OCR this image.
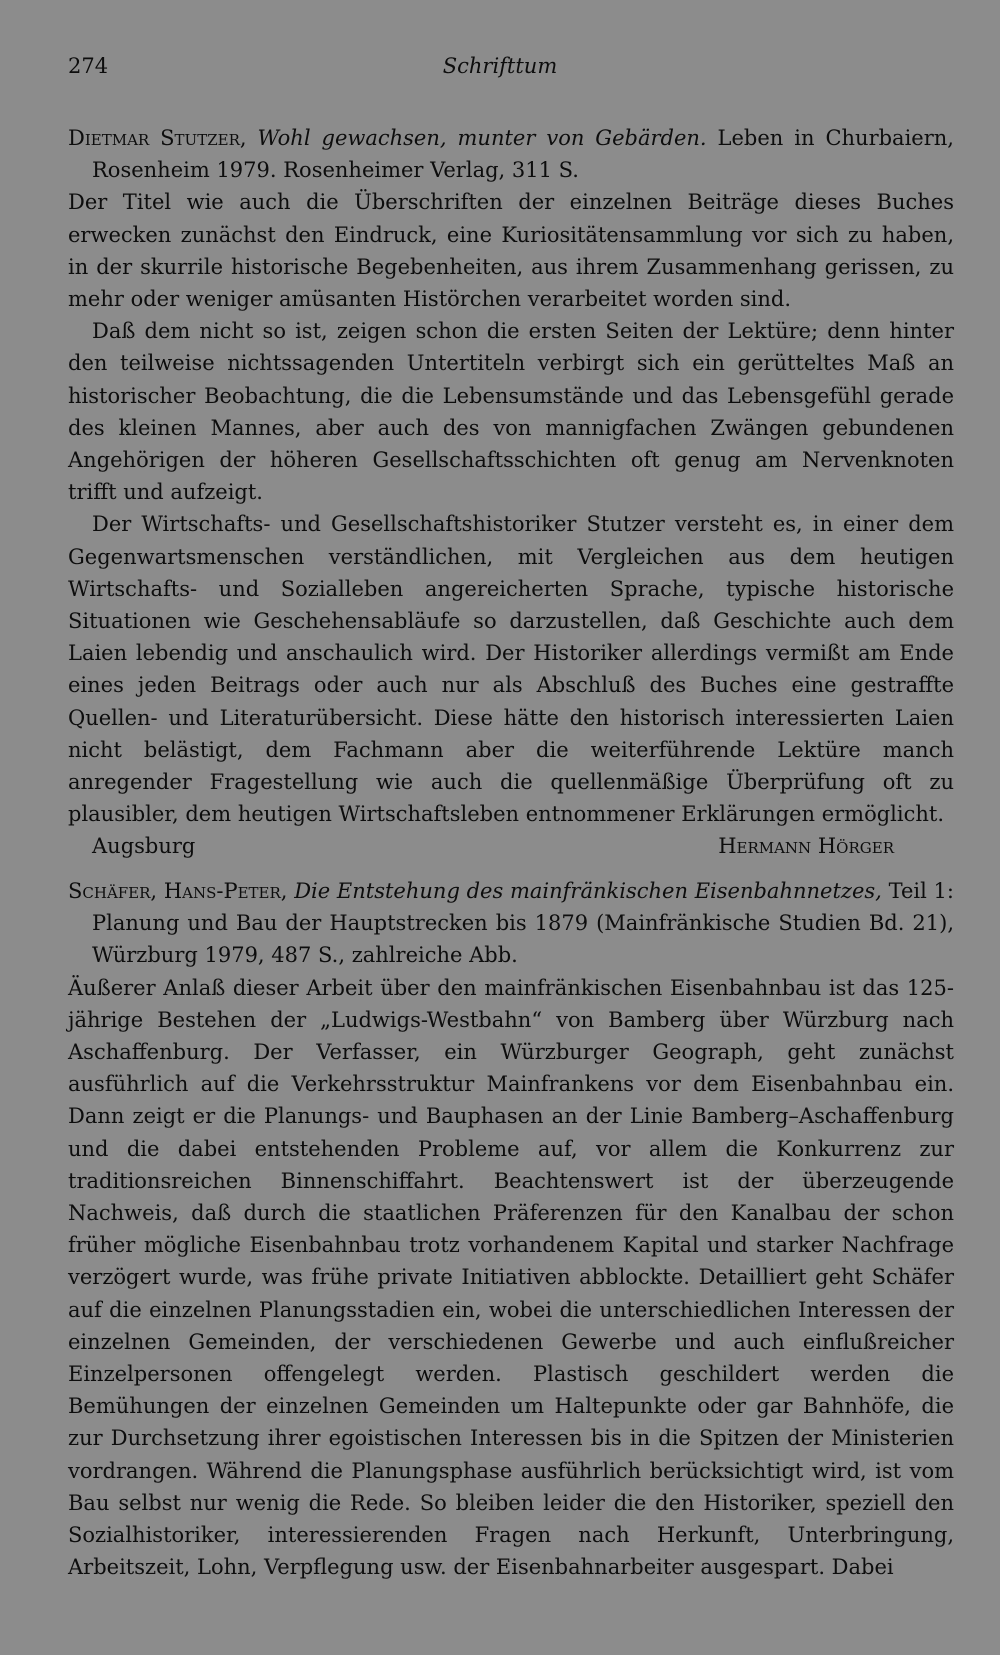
274	Schrifttum

Dietmar Stutzer, Wohl gewachsen, munter von Gebärden. Leben in Churbaiern, Rosenheim 1979. Rosenheimer Verlag, 311 S.

Der Titel wie auch die Überschriften der einzelnen Beiträge dieses Buches erwecken zunächst den Eindruck, eine Kuriositätensammlung vor sich zu haben, in der skurrile historische Begebenheiten, aus ihrem Zusammenhang gerissen, zu mehr oder weniger amüsanten Histörchen verarbeitet worden sind.

Daß dem nicht so ist, zeigen schon die ersten Seiten der Lektüre; denn hinter den teilweise nichtssagenden Untertiteln verbirgt sich ein gerütteltes Maß an historischer Beobachtung, die die Lebensumstände und das Lebensgefühl gerade des kleinen Mannes, aber auch des von mannigfachen Zwängen gebundenen Angehörigen der höheren Gesellschaftsschichten oft genug am Nervenknoten trifft und aufzeigt.

Der Wirtschafts- und Gesellschaftshistoriker Stutzer versteht es, in einer dem Gegenwartsmenschen verständlichen, mit Vergleichen aus dem heutigen Wirtschafts- und Sozialleben angereicherten Sprache, typische historische Situationen wie Geschehensabläufe so darzustellen, daß Geschichte auch dem Laien lebendig und anschaulich wird. Der Historiker allerdings vermißt am Ende eines jeden Beitrags oder auch nur als Abschluß des Buches eine gestraffte Quellen- und Literaturübersicht. Diese hätte den historisch interessierten Laien nicht belästigt, dem Fachmann aber die weiterführende Lektüre manch anregender Fragestellung wie auch die quellenmäßige Überprüfung oft zu plausibler, dem heutigen Wirtschaftsleben entnommener Erklärungen ermöglicht.

Augsburg	Hermann Hörger

Schäfer, Hans-Peter, Die Entstehung des mainfränkischen Eisenbahnnetzes, Teil 1: Planung und Bau der Hauptstrecken bis 1879 (Mainfränkische Studien Bd. 21), Würzburg 1979, 487 S., zahlreiche Abb.

Äußerer Anlaß dieser Arbeit über den mainfränkischen Eisenbahnbau ist das 125-jährige Bestehen der „Ludwigs-Westbahn“ von Bamberg über Würzburg nach Aschaffenburg. Der Verfasser, ein Würzburger Geograph, geht zunächst ausführlich auf die Verkehrsstruktur Mainfrankens vor dem Eisenbahnbau ein. Dann zeigt er die Planungs- und Bauphasen an der Linie Bamberg–Aschaffenburg und die dabei entstehenden Probleme auf, vor allem die Konkurrenz zur traditionsreichen Binnenschiffahrt. Beachtenswert ist der überzeugende Nachweis, daß durch die staatlichen Präferenzen für den Kanalbau der schon früher mögliche Eisenbahnbau trotz vorhandenem Kapital und starker Nachfrage verzögert wurde, was frühe private Initiativen abblockte. Detailliert geht Schäfer auf die einzelnen Planungsstadien ein, wobei die unterschiedlichen Interessen der einzelnen Gemeinden, der verschiedenen Gewerbe und auch einflußreicher Einzelpersonen offengelegt werden. Plastisch geschildert werden die Bemühungen der einzelnen Gemeinden um Haltepunkte oder gar Bahnhöfe, die zur Durchsetzung ihrer egoistischen Interessen bis in die Spitzen der Ministerien vordrangen. Während die Planungsphase ausführlich berücksichtigt wird, ist vom Bau selbst nur wenig die Rede. So bleiben leider die den Historiker, speziell den Sozialhistoriker, interessierenden Fragen nach Herkunft, Unterbringung, Arbeitszeit, Lohn, Verpflegung usw. der Eisenbahnarbeiter ausgespart. Dabei
